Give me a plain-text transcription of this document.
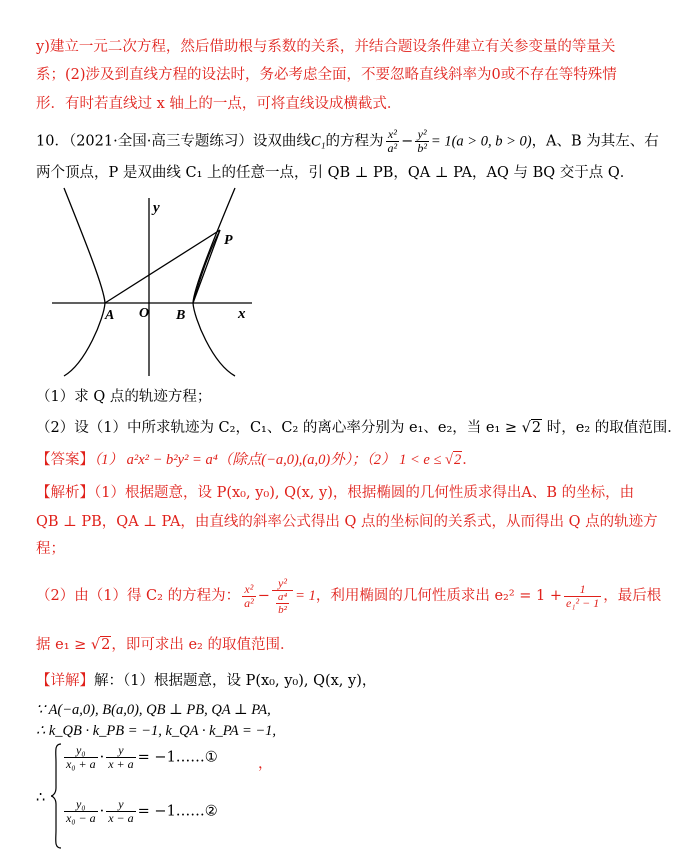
y)建立一元二次方程，然后借助根与系数的关系，并结合题设条件建立有关参变量的等量关
系；(2)涉及到直线方程的设法时，务必考虑全面，不要忽略直线斜率为0或不存在等特殊情
形．有时若直线过 x 轴上的一点，可将直线设成横截式．
10．（2021·全国·高三专题练习）设双曲线C₁的方程为 $\frac{\text{x²}}{\text{a²}} - \frac{\text{y²}}{\text{b²}} = 1(a > 0$, b > 0)，A、B 为其左、右
两个顶点，P 是双曲线 C₁ 上的任意一点，引 QB ⊥ PB，QA ⊥ PA，AQ 与 BQ 交于点 Q．
y
x
P
A O B
（1）求 Q 点的轨迹方程；
（2）设（1）中所求轨迹为 C₂，C₁、C₂ 的离心率分别为 e₁、e₂，当 e₁ ≥ √2 时，e₂ 的取值范围．
【答案】（1） a²x² − b²y² = a⁴（除点(−a,0),(a,0)外）；（2） 1 < e ≤ √2．
【解析】（1）根据题意，设 P(x₀, y₀), Q(x, y)，根据椭圆的几何性质求得出A、B 的坐标，由
QB ⊥ PB，QA ⊥ PA，由直线的斜率公式得出 Q 点的坐标间的关系式，从而得出 Q 点的轨迹方
程；
（2）由（1）得 C₂ 的方程为： $\frac{\text{x²}}{\text{a²}} - \frac{\text{y²}}{\frac{\text{a⁴}}{\text{b²}}} = 1$，利用椭圆的几何性质求出 $e_2^2 = 1 + \frac{1}{\text{e₁² − 1}}$ ，最后根
据 e₁ ≥ √2，即可求出 e₂ 的取值范围．
【详解】解：（1）根据题意，设 P(x₀, y₀), Q(x, y)，
∵ A(−a,0), B(a,0), QB ⊥ PB, QA ⊥ PA,
∴ k_QB · k_PB = −1, k_QA · k_PA = −1,
∴
$\frac{\text{y₀}}{\text{x₀ + a}} \cdot \frac{y}{x + a}$ = −1……①
$\frac{\text{y₀}}{\text{x₀ − a}} \cdot \frac{y}{x - a}$ = −1……②
，
